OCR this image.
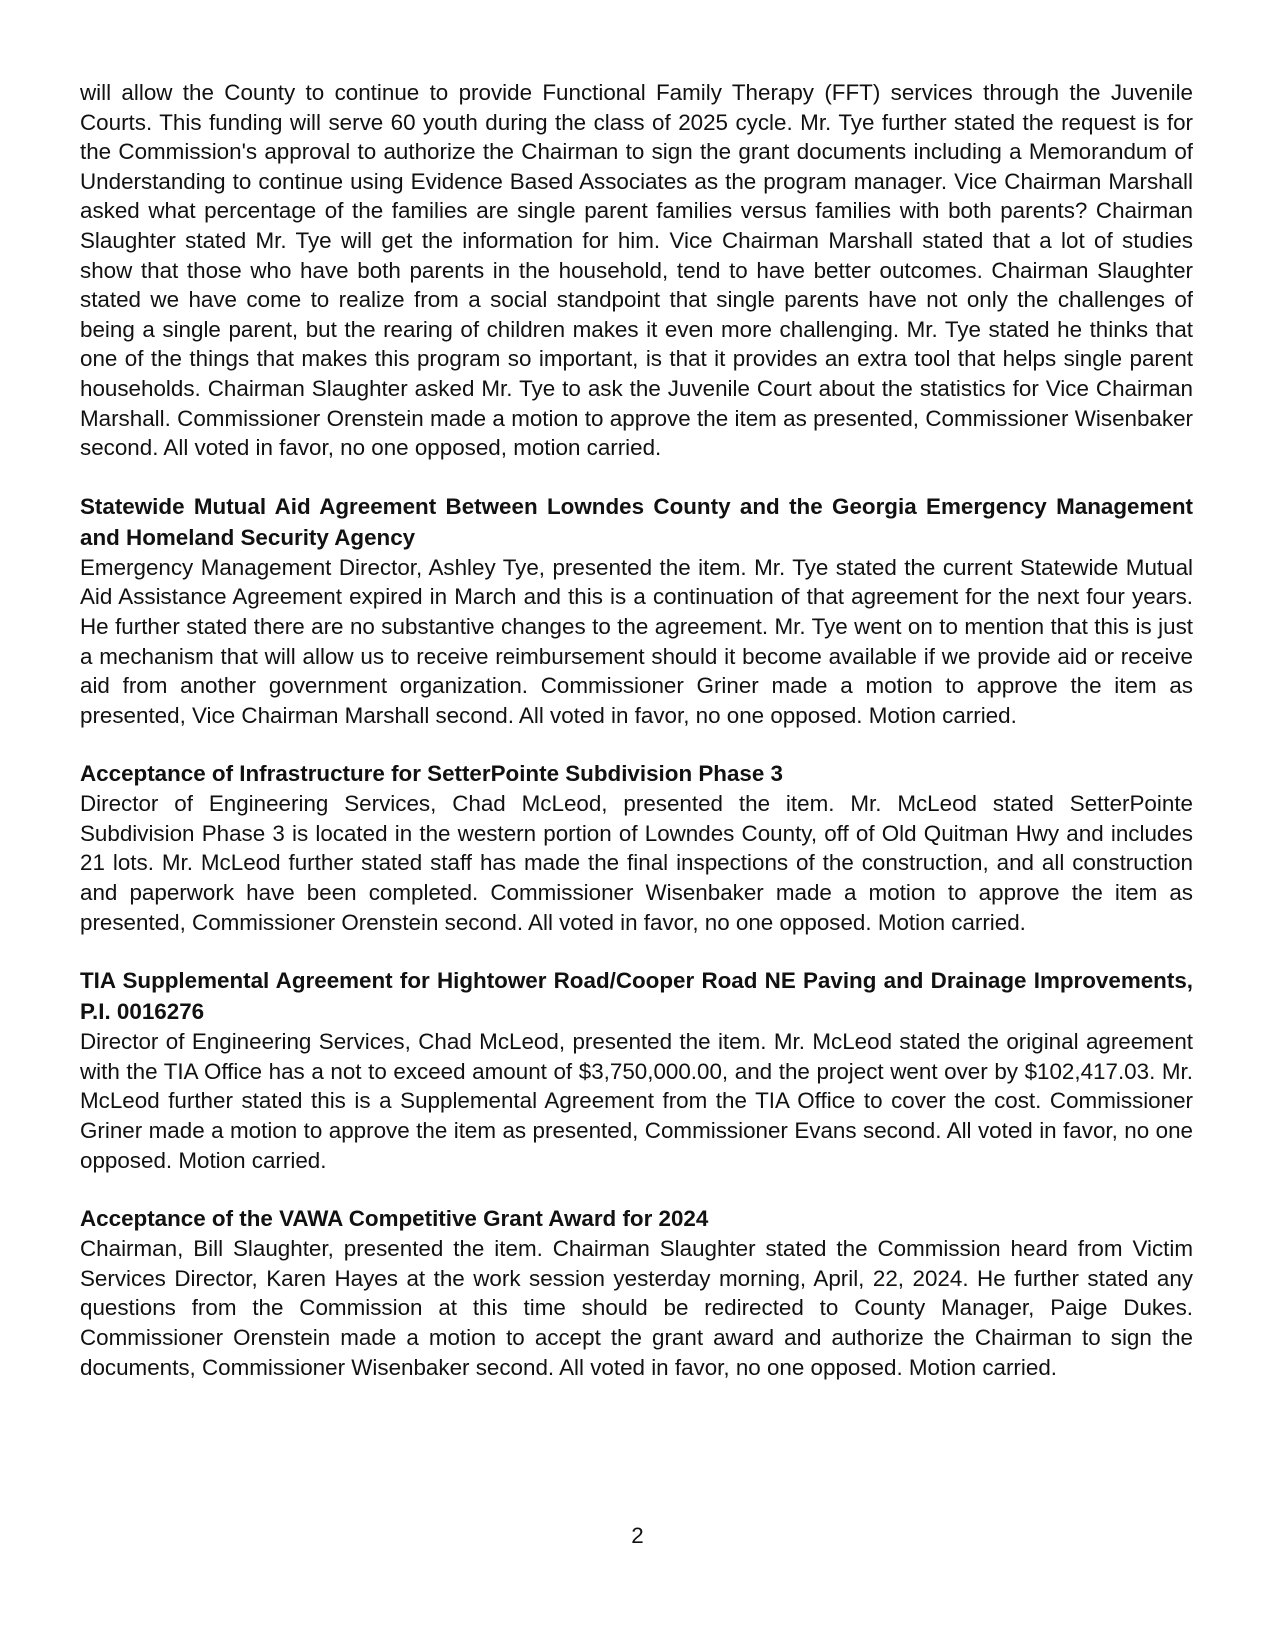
will allow the County to continue to provide Functional Family Therapy (FFT) services through the Juvenile Courts. This funding will serve 60 youth during the class of 2025 cycle. Mr. Tye further stated the request is for the Commission's approval to authorize the Chairman to sign the grant documents including a Memorandum of Understanding to continue using Evidence Based Associates as the program manager. Vice Chairman Marshall asked what percentage of the families are single parent families versus families with both parents? Chairman Slaughter stated Mr. Tye will get the information for him. Vice Chairman Marshall stated that a lot of studies show that those who have both parents in the household, tend to have better outcomes. Chairman Slaughter stated we have come to realize from a social standpoint that single parents have not only the challenges of being a single parent, but the rearing of children makes it even more challenging. Mr. Tye stated he thinks that one of the things that makes this program so important, is that it provides an extra tool that helps single parent households. Chairman Slaughter asked Mr. Tye to ask the Juvenile Court about the statistics for Vice Chairman Marshall. Commissioner Orenstein made a motion to approve the item as presented, Commissioner Wisenbaker second. All voted in favor, no one opposed, motion carried.

Statewide Mutual Aid Agreement Between Lowndes County and the Georgia Emergency Management and Homeland Security Agency

Emergency Management Director, Ashley Tye, presented the item. Mr. Tye stated the current Statewide Mutual Aid Assistance Agreement expired in March and this is a continuation of that agreement for the next four years. He further stated there are no substantive changes to the agreement. Mr. Tye went on to mention that this is just a mechanism that will allow us to receive reimbursement should it become available if we provide aid or receive aid from another government organization. Commissioner Griner made a motion to approve the item as presented, Vice Chairman Marshall second. All voted in favor, no one opposed. Motion carried.

Acceptance of Infrastructure for SetterPointe Subdivision Phase 3

Director of Engineering Services, Chad McLeod, presented the item. Mr. McLeod stated SetterPointe Subdivision Phase 3 is located in the western portion of Lowndes County, off of Old Quitman Hwy and includes 21 lots. Mr. McLeod further stated staff has made the final inspections of the construction, and all construction and paperwork have been completed. Commissioner Wisenbaker made a motion to approve the item as presented, Commissioner Orenstein second. All voted in favor, no one opposed. Motion carried.

TIA Supplemental Agreement for Hightower Road/Cooper Road NE Paving and Drainage Improvements, P.I. 0016276

Director of Engineering Services, Chad McLeod, presented the item. Mr. McLeod stated the original agreement with the TIA Office has a not to exceed amount of $3,750,000.00, and the project went over by $102,417.03. Mr. McLeod further stated this is a Supplemental Agreement from the TIA Office to cover the cost. Commissioner Griner made a motion to approve the item as presented, Commissioner Evans second. All voted in favor, no one opposed. Motion carried.

Acceptance of the VAWA Competitive Grant Award for 2024

Chairman, Bill Slaughter, presented the item. Chairman Slaughter stated the Commission heard from Victim Services Director, Karen Hayes at the work session yesterday morning, April, 22, 2024. He further stated any questions from the Commission at this time should be redirected to County Manager, Paige Dukes. Commissioner Orenstein made a motion to accept the grant award and authorize the Chairman to sign the documents, Commissioner Wisenbaker second. All voted in favor, no one opposed. Motion carried.

2
